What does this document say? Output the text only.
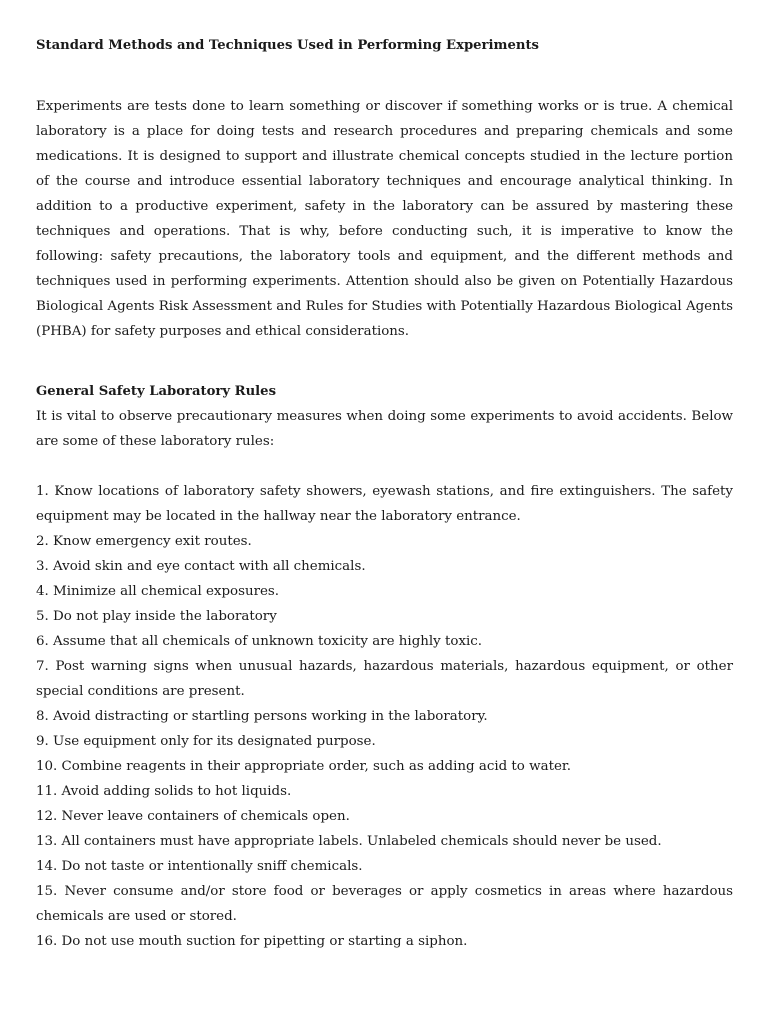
Standard Methods and Techniques Used in Performing Experiments

Experiments are tests done to learn something or discover if something works or is true. A chemical laboratory is a place for doing tests and research procedures and preparing chemicals and some medications. It is designed to support and illustrate chemical concepts studied in the lecture portion of the course and introduce essential laboratory techniques and encourage analytical thinking. In addition to a productive experiment, safety in the laboratory can be assured by mastering these techniques and operations. That is why, before conducting such, it is imperative to know the following: safety precautions, the laboratory tools and equipment, and the different methods and techniques used in performing experiments. Attention should also be given on Potentially Hazardous Biological Agents Risk Assessment and Rules for Studies with Potentially Hazardous Biological Agents (PHBA) for safety purposes and ethical considerations.

General Safety Laboratory Rules

It is vital to observe precautionary measures when doing some experiments to avoid accidents. Below are some of these laboratory rules:

1. Know locations of laboratory safety showers, eyewash stations, and fire extinguishers. The safety equipment may be located in the hallway near the laboratory entrance.
2. Know emergency exit routes.
3. Avoid skin and eye contact with all chemicals.
4. Minimize all chemical exposures.
5. Do not play inside the laboratory
6. Assume that all chemicals of unknown toxicity are highly toxic.
7. Post warning signs when unusual hazards, hazardous materials, hazardous equipment, or other special conditions are present.
8. Avoid distracting or startling persons working in the laboratory.
9. Use equipment only for its designated purpose.
10. Combine reagents in their appropriate order, such as adding acid to water.
11. Avoid adding solids to hot liquids.
12. Never leave containers of chemicals open.
13. All containers must have appropriate labels. Unlabeled chemicals should never be used.
14. Do not taste or intentionally sniff chemicals.
15. Never consume and/or store food or beverages or apply cosmetics in areas where hazardous chemicals are used or stored.
16. Do not use mouth suction for pipetting or starting a siphon.
